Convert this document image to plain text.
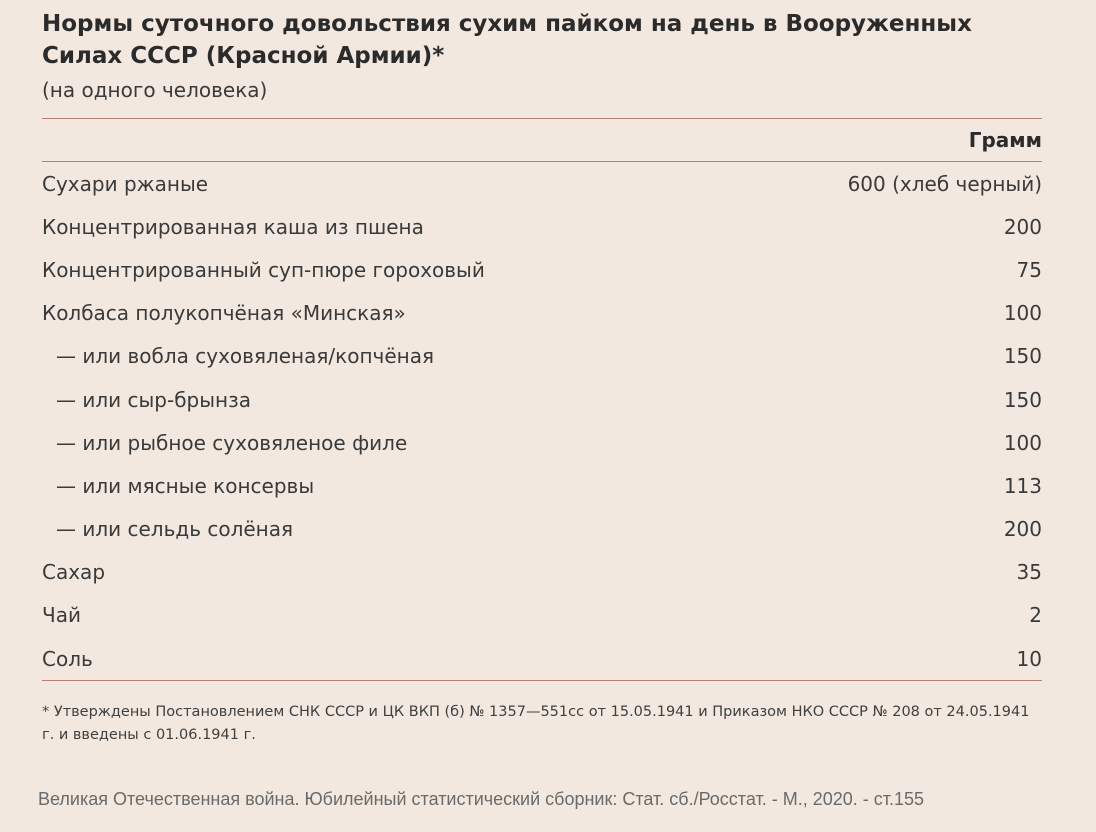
Нормы суточного довольствия сухим пайком на день в Вооруженных Силах СССР (Красной Армии)*
(на одного человека)
Грамм
Сухари ржаные	600 (хлеб черный)
Концентрированная каша из пшена	200
Концентрированный суп-пюре гороховый	75
Колбаса полукопчёная «Минская»	100
— или вобла суховяленая/копчёная	150
— или сыр-брынза	150
— или рыбное суховяленое филе	100
— или мясные консервы	113
— или сельдь солёная	200
Сахар	35
Чай	2
Соль	10
* Утверждены Постановлением СНК СССР и ЦК ВКП (б) № 1357—551сс от 15.05.1941 и Приказом НКО СССР № 208 от 24.05.1941 г. и введены с 01.06.1941 г.
Великая Отечественная война. Юбилейный статистический сборник: Стат. сб./Росстат. - М., 2020. - ст.155
